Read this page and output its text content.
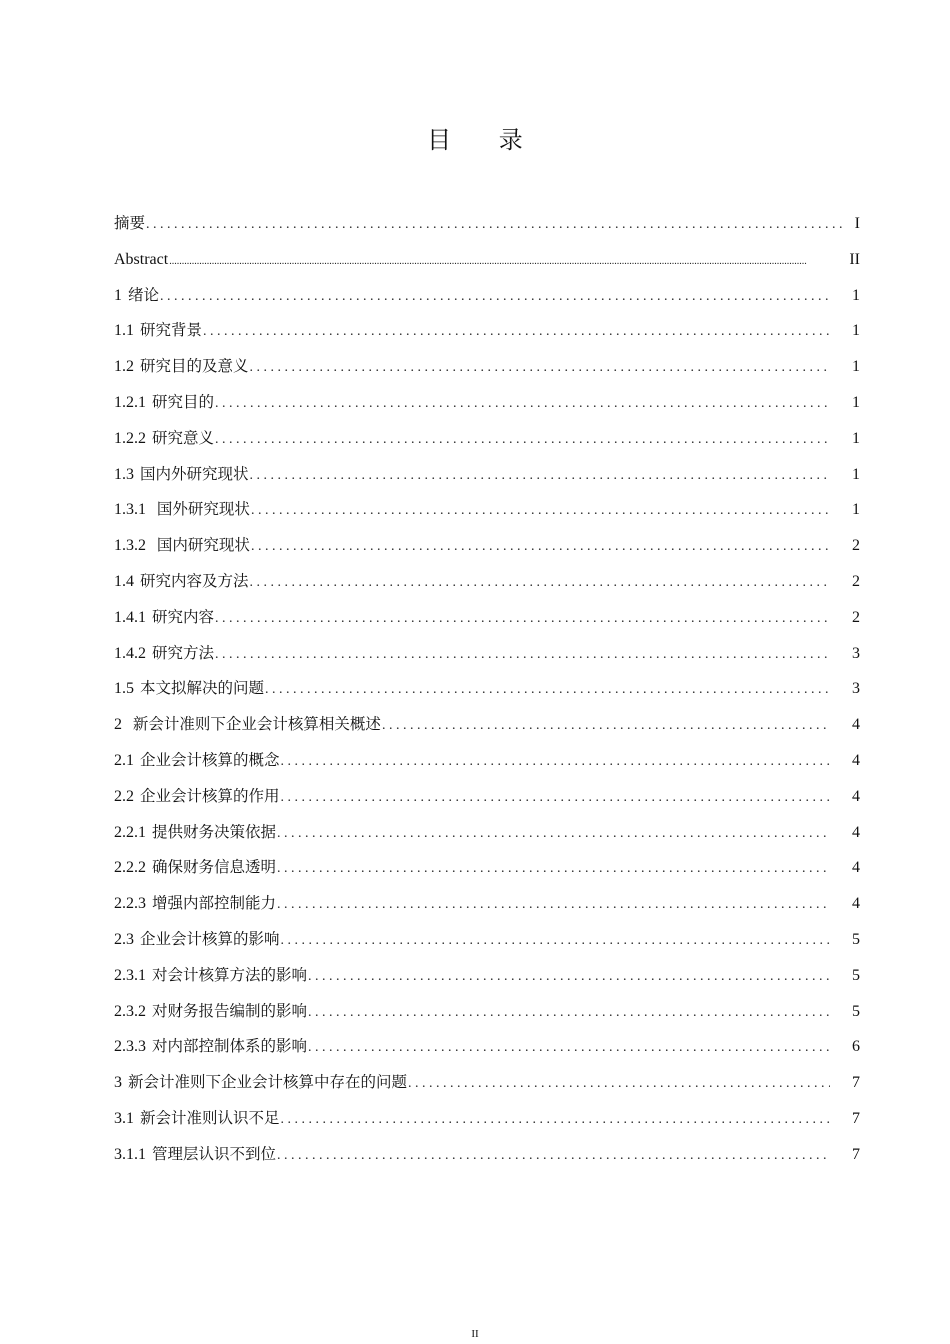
目 录
摘要 . . .	I
Abstract .....	II
1 绪论 . . .	1
1.1 研究背景 . . .	1
1.2 研究目的及意义 . . .	1
1.2.1 研究目的 . . .	1
1.2.2 研究意义 . . .	1
1.3 国内外研究现状 . . .	1
1.3.1 国外研究现状 . . .	1
1.3.2 国内研究现状 . . .	2
1.4 研究内容及方法 . . .	2
1.4.1 研究内容 . . .	2
1.4.2 研究方法 . . .	3
1.5 本文拟解决的问题 . . .	3
2 新会计准则下企业会计核算相关概述 . . .	4
2.1 企业会计核算的概念 . . .	4
2.2 企业会计核算的作用 . . .	4
2.2.1 提供财务决策依据 . . .	4
2.2.2 确保财务信息透明 . . .	4
2.2.3 增强内部控制能力 . . .	4
2.3 企业会计核算的影响 . . .	5
2.3.1 对会计核算方法的影响 . . .	5
2.3.2 对财务报告编制的影响 . . .	5
2.3.3 对内部控制体系的影响 . . .	6
3 新会计准则下企业会计核算中存在的问题 . . .	7
3.1 新会计准则认识不足 . . .	7
3.1.1 管理层认识不到位 . . .	7
II
